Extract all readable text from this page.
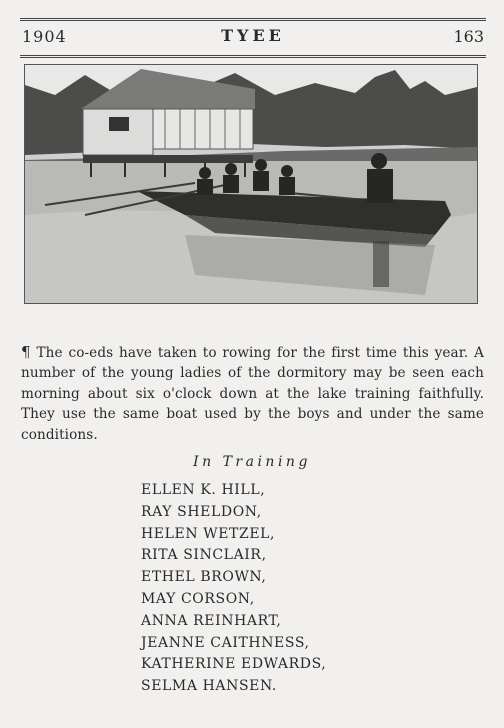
1904	TYEE	163

¶ The co-eds have taken to rowing for the first time this year. A number of the young ladies of the dormitory may be seen each morning about six o'clock down at the lake training faithfully. They use the same boat used by the boys and under the same conditions.

In Training
ELLEN K. HILL,
RAY SHELDON,
HELEN WETZEL,
RITA SINCLAIR,
ETHEL BROWN,
MAY CORSON,
ANNA REINHART,
JEANNE CAITHNESS,
KATHERINE EDWARDS,
SELMA HANSEN.
